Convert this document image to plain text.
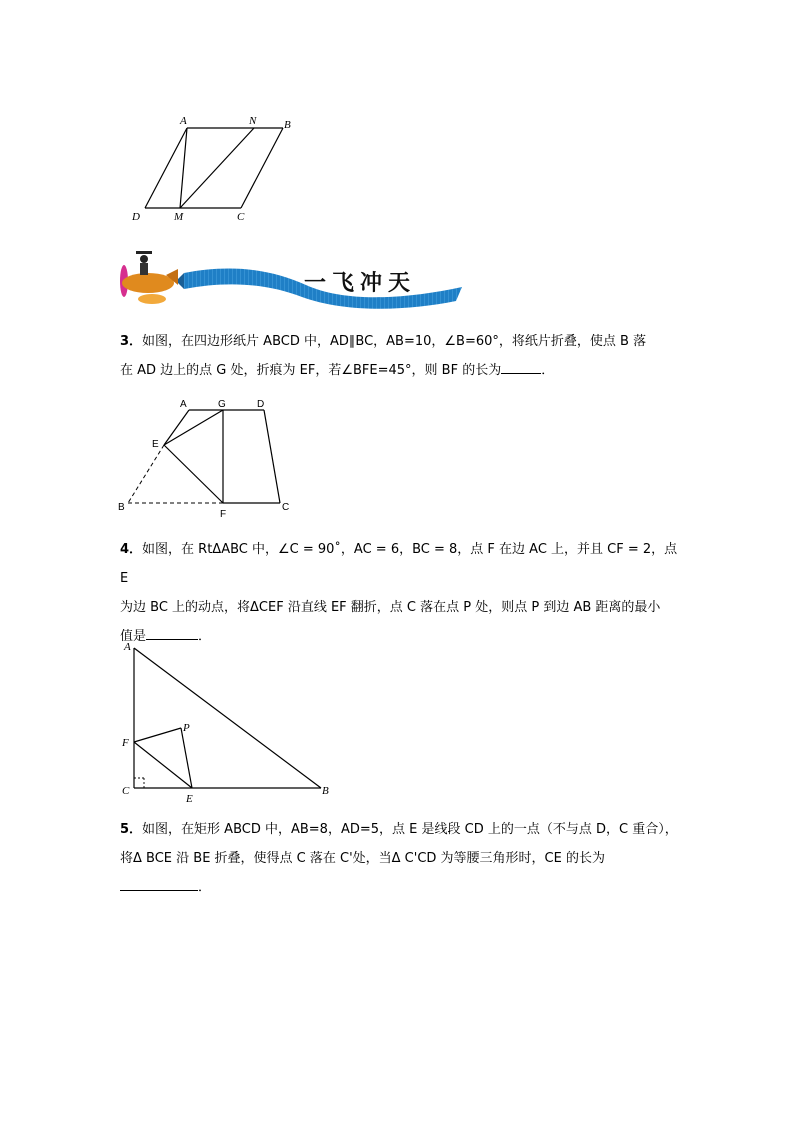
A	N	B
D	M	C
一飞冲天
3．如图，在四边形纸片 ABCD 中，AD∥BC，AB=10，∠B=60°，将纸片折叠，使点 B 落
在 AD 边上的点 G 处，折痕为 EF，若∠BFE=45°，则 BF 的长为	．
A	G	D
E
B
F
C
4．如图，在 RtΔABC 中，∠C = 90˚，AC = 6，BC = 8，点 F 在边 AC 上，并且 CF = 2，点 E
为边 BC 上的动点，将ΔCEF 沿直线 EF 翻折，点 C 落在点 P 处，则点 P 到边 AB 距离的最小
值是	．
A
F
P
C
E
B
5．如图，在矩形 ABCD 中，AB=8，AD=5，点 E 是线段 CD 上的一点（不与点 D，C 重合），
将Δ BCE 沿 BE 折叠，使得点 C 落在 C'处，当Δ C'CD 为等腰三角形时，CE 的长为
．
